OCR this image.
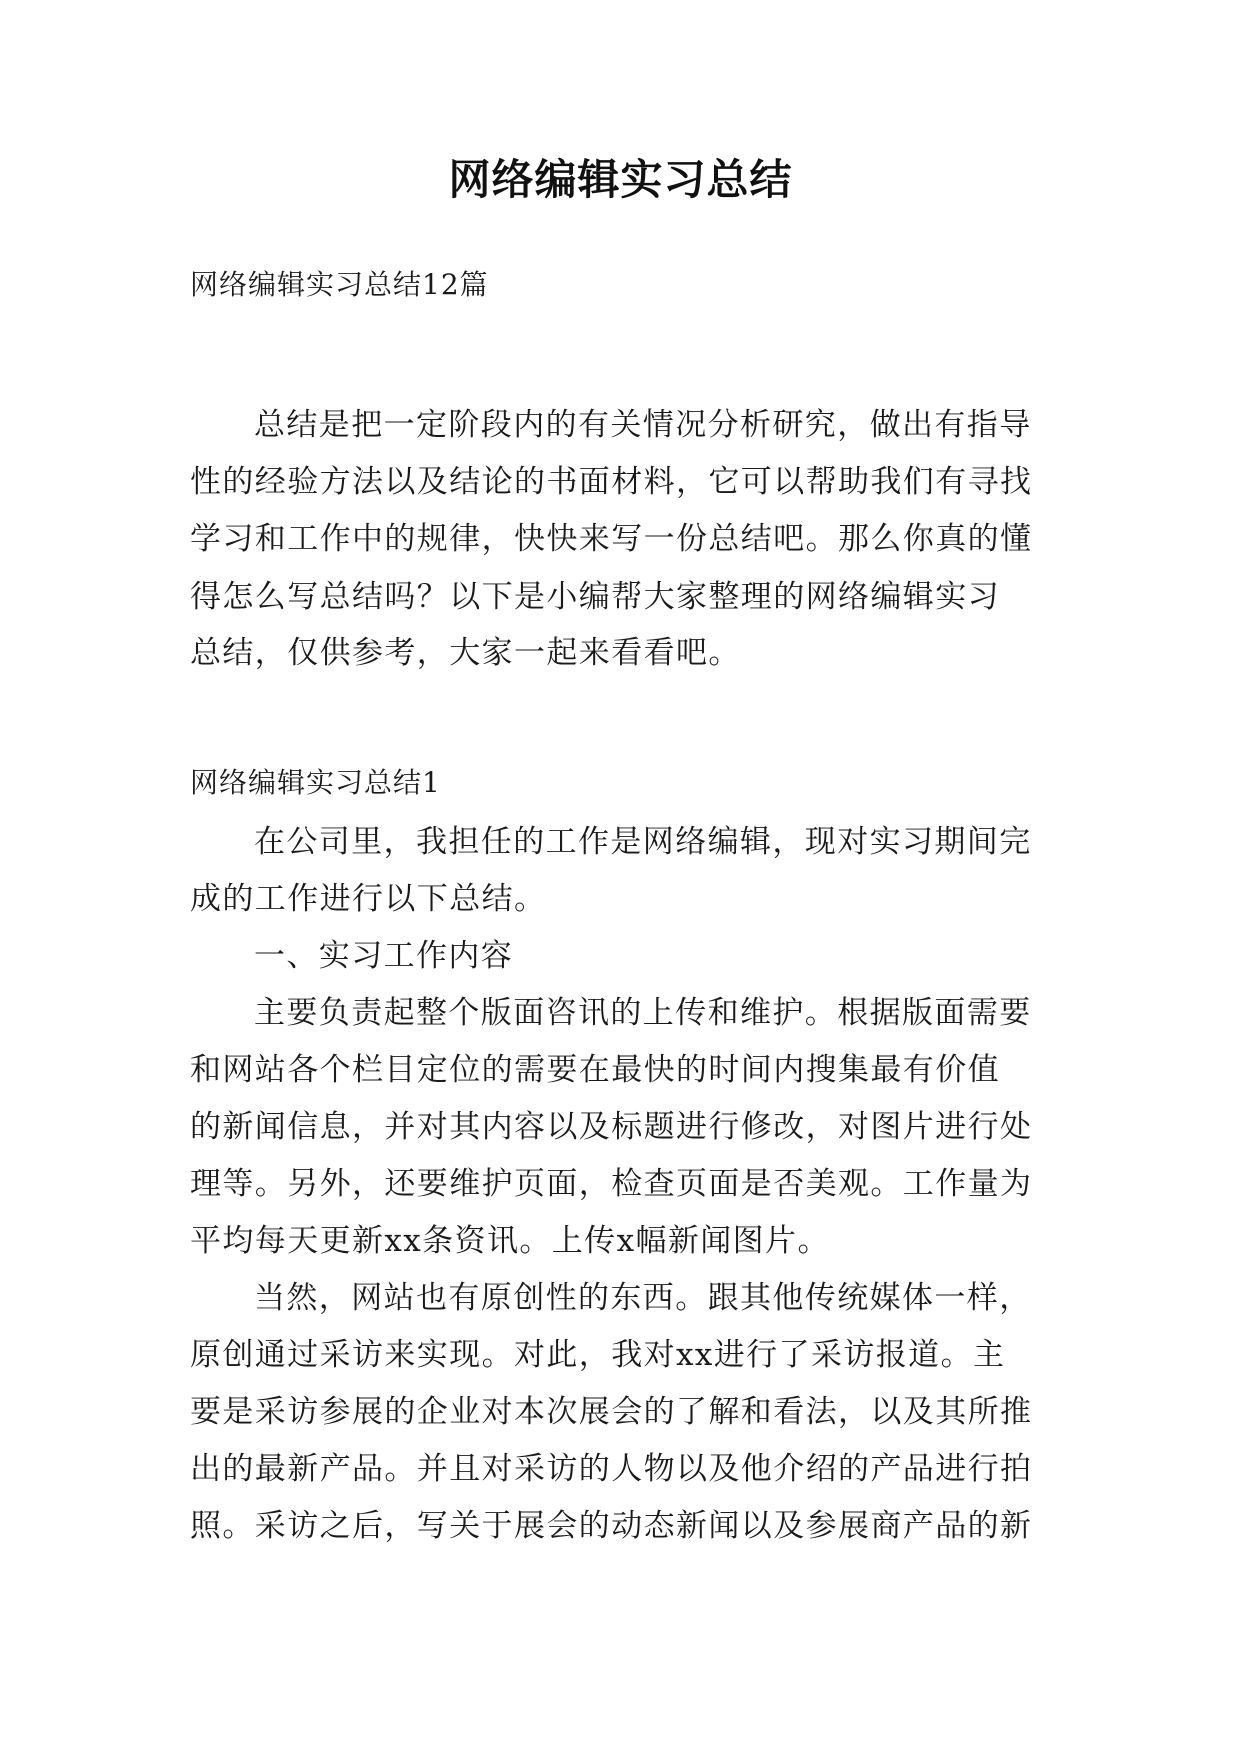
网络编辑实习总结
网络编辑实习总结12篇
总结是把一定阶段内的有关情况分析研究，做出有指导
性的经验方法以及结论的书面材料，它可以帮助我们有寻找
学习和工作中的规律，快快来写一份总结吧。那么你真的懂
得怎么写总结吗？以下是小编帮大家整理的网络编辑实习
总结，仅供参考，大家一起来看看吧。
网络编辑实习总结1
在公司里，我担任的工作是网络编辑，现对实习期间完
成的工作进行以下总结。
一、实习工作内容
主要负责起整个版面咨讯的上传和维护。根据版面需要
和网站各个栏目定位的需要在最快的时间内搜集最有价值
的新闻信息，并对其内容以及标题进行修改，对图片进行处
理等。另外，还要维护页面，检查页面是否美观。工作量为
平均每天更新xx条资讯。上传x幅新闻图片。
当然，网站也有原创性的东西。跟其他传统媒体一样，
原创通过采访来实现。对此，我对xx进行了采访报道。主
要是采访参展的企业对本次展会的了解和看法，以及其所推
出的最新产品。并且对采访的人物以及他介绍的产品进行拍
照。采访之后，写关于展会的动态新闻以及参展商产品的新
